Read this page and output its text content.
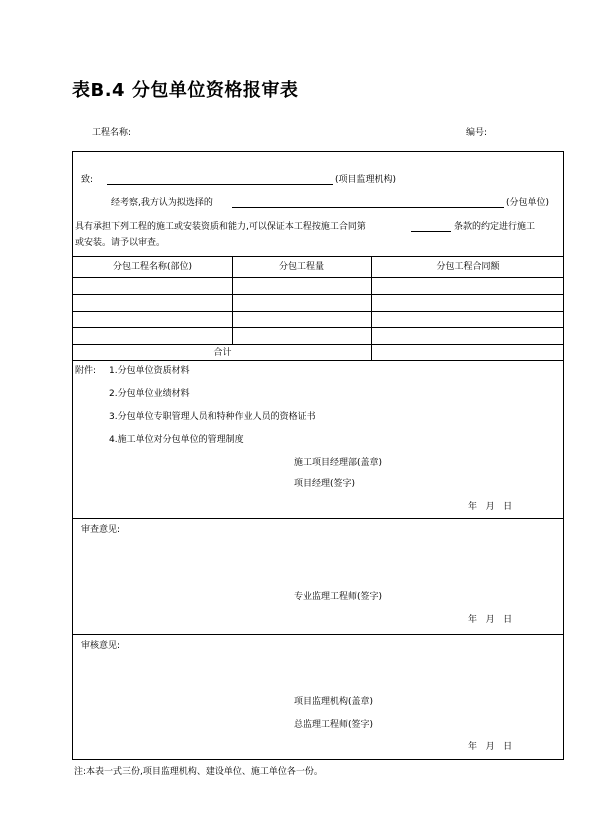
表B.4 分包单位资格报审表
工程名称:	编号:
致:	(项目监理机构)
经考察,我方认为拟选择的	(分包单位)
具有承担下列工程的施工或安装资质和能力,可以保证本工程按施工合同第	条款的约定进行施工
或安装。请予以审查。
分包工程名称(部位)	分包工程量	分包工程合同额
合计
附件: 1.分包单位资质材料
2.分包单位业绩材料
3.分包单位专职管理人员和特种作业人员的资格证书
4.施工单位对分包单位的管理制度
施工项目经理部(盖章)
项目经理(签字)
年   月   日
审查意见:
专业监理工程师(签字)
年   月   日
审核意见:
项目监理机构(盖章)
总监理工程师(签字)
年   月   日
注:本表一式三份,项目监理机构、建设单位、施工单位各一份。
